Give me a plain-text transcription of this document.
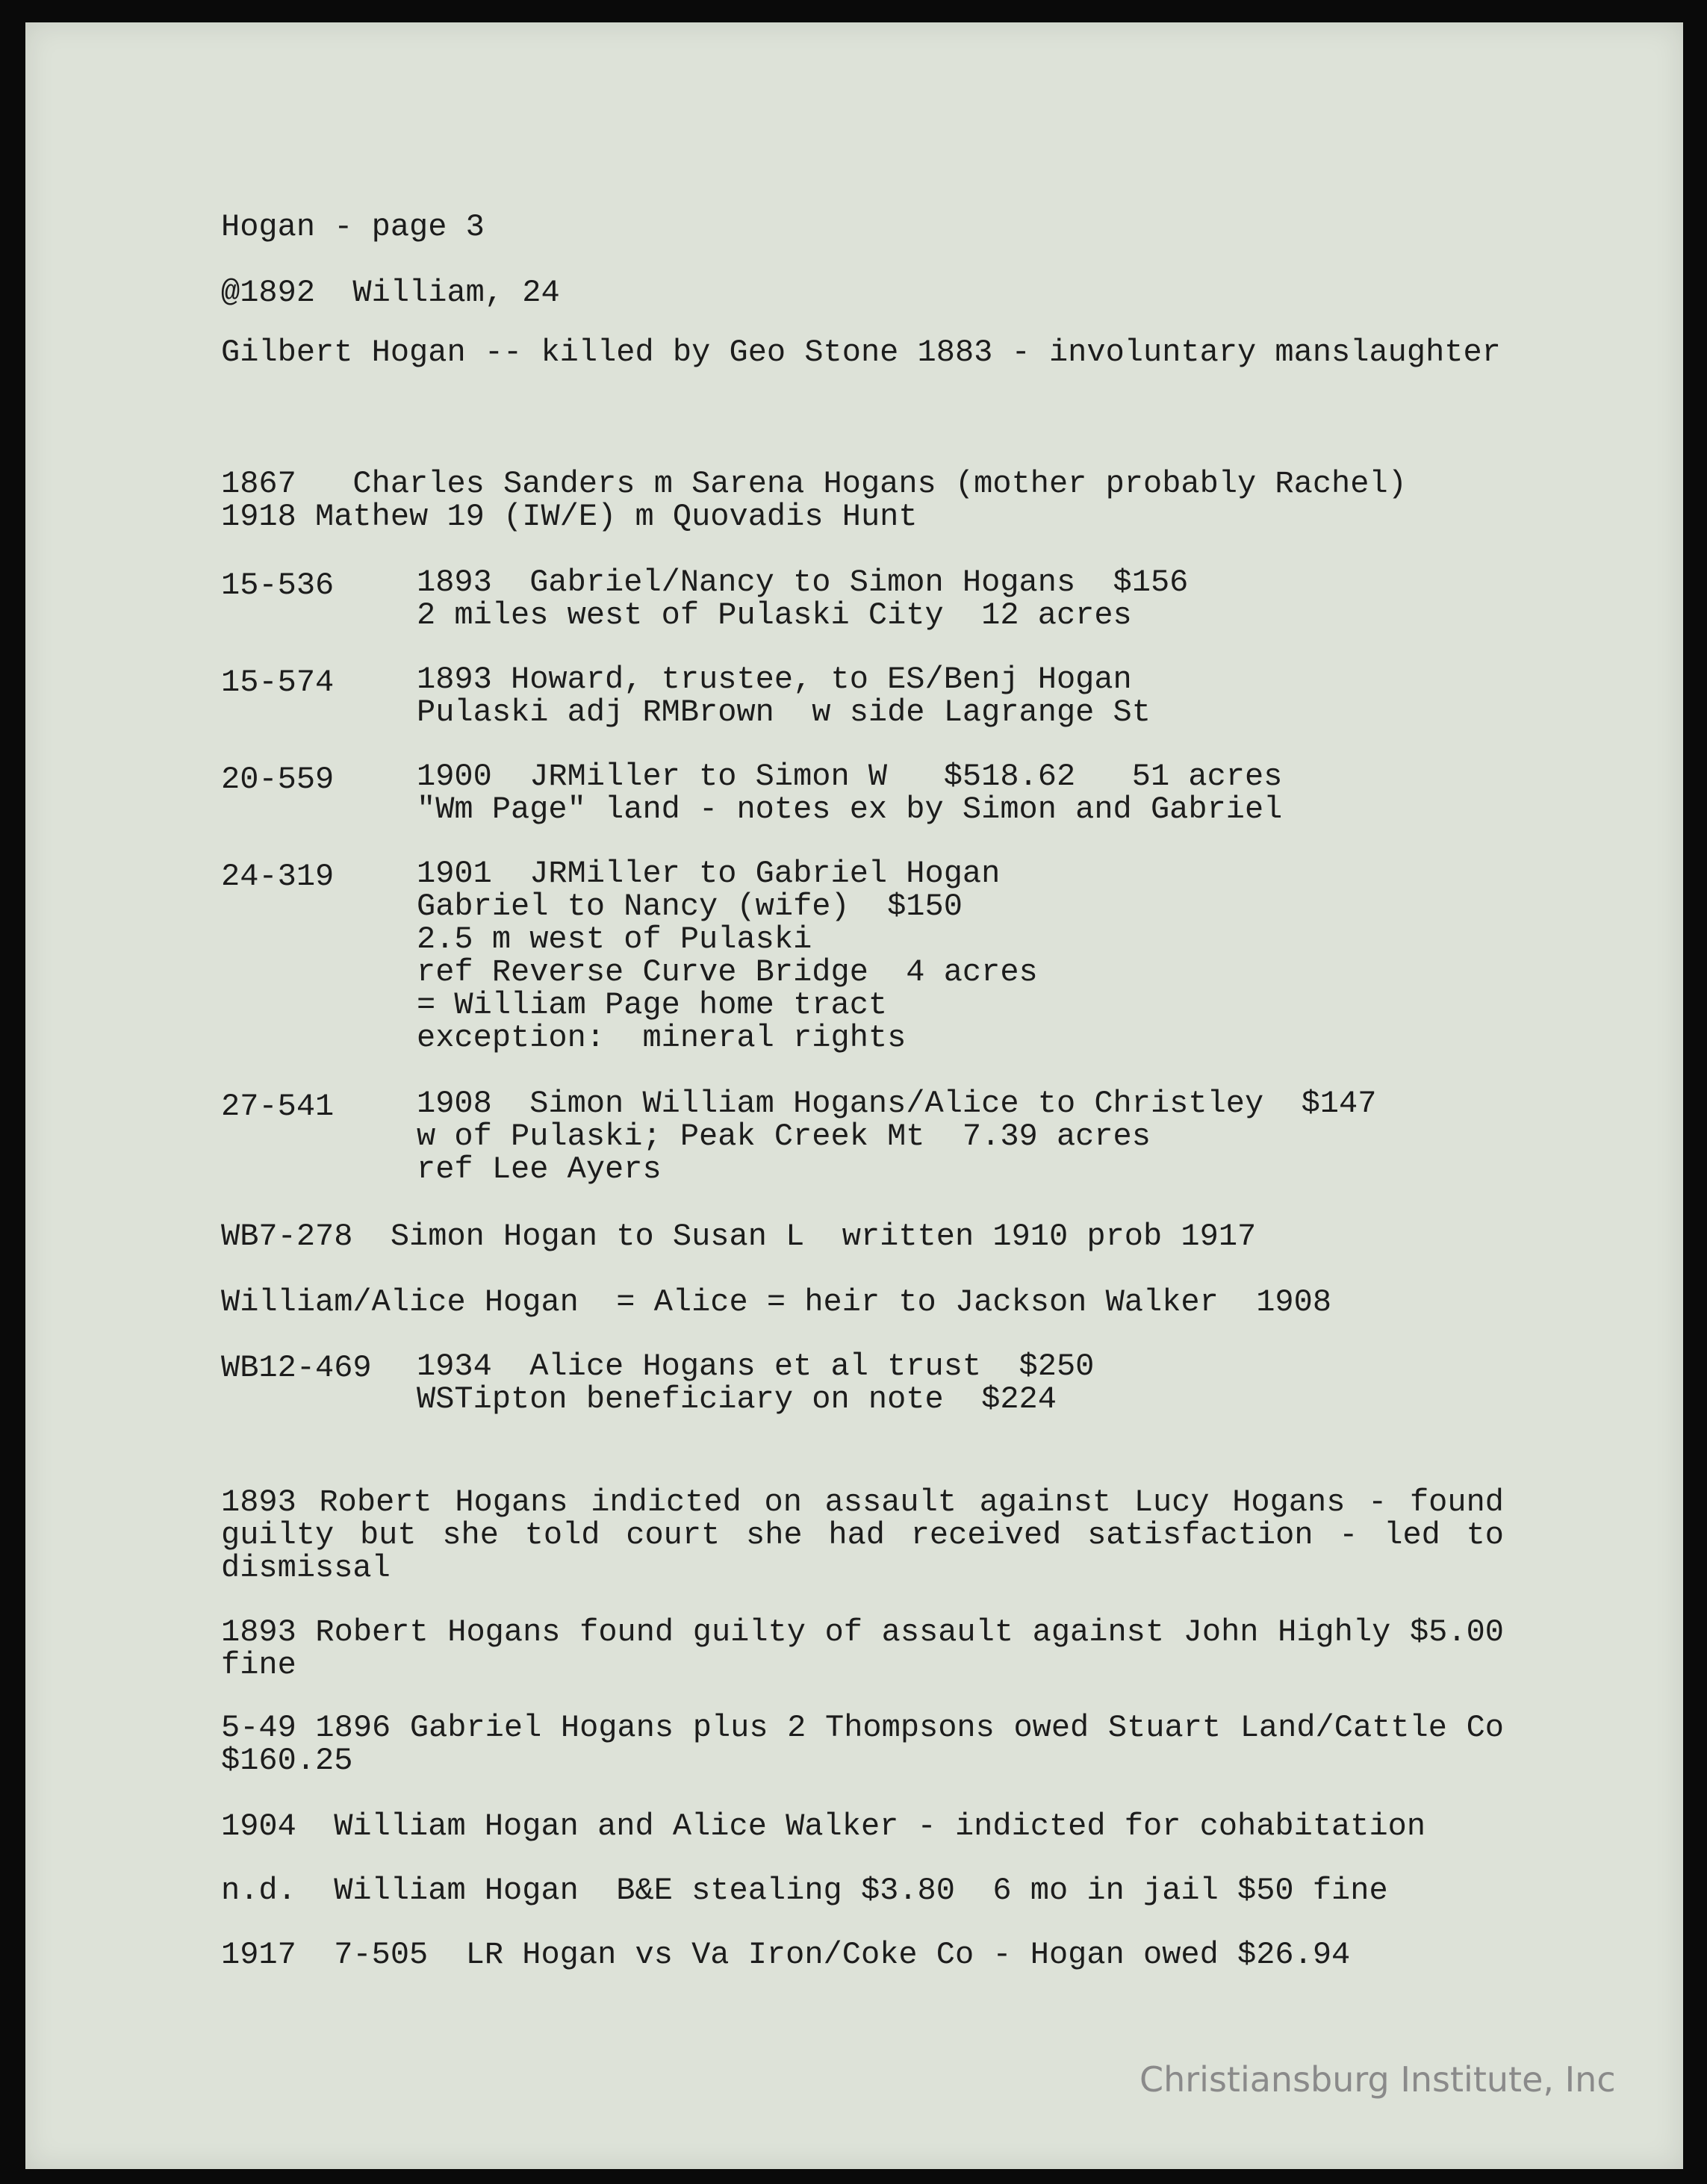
Hogan - page 3
@1892  William, 24
Gilbert Hogan -- killed by Geo Stone 1883 - involuntary manslaughter
1867   Charles Sanders m Sarena Hogans (mother probably Rachel)
1918 Mathew 19 (IW/E) m Quovadis Hunt
15-536	1893  Gabriel/Nancy to Simon Hogans  $156
2 miles west of Pulaski City  12 acres
15-574	1893 Howard, trustee, to ES/Benj Hogan
Pulaski adj RMBrown  w side Lagrange St
20-559	1900  JRMiller to Simon W   $518.62   51 acres
"Wm Page" land - notes ex by Simon and Gabriel
24-319	1901  JRMiller to Gabriel Hogan
Gabriel to Nancy (wife)  $150
2.5 m west of Pulaski
ref Reverse Curve Bridge  4 acres
= William Page home tract
exception:  mineral rights
27-541	1908  Simon William Hogans/Alice to Christley  $147
w of Pulaski; Peak Creek Mt  7.39 acres
ref Lee Ayers
WB7-278  Simon Hogan to Susan L  written 1910 prob 1917
William/Alice Hogan  = Alice = heir to Jackson Walker  1908
WB12-469 1934  Alice Hogans et al trust  $250
WSTipton beneficiary on note  $224
1893 Robert Hogans indicted on assault against Lucy Hogans - found guilty but she told court she had received satisfaction - led to dismissal
1893 Robert Hogans found guilty of assault against John Highly $5.00 fine
5-49 1896 Gabriel Hogans plus 2 Thompsons owed Stuart Land/Cattle Co $160.25
1904  William Hogan and Alice Walker - indicted for cohabitation
n.d.  William Hogan  B&E stealing $3.80  6 mo in jail $50 fine
1917  7-505  LR Hogan vs Va Iron/Coke Co - Hogan owed $26.94
Christiansburg Institute, Inc
